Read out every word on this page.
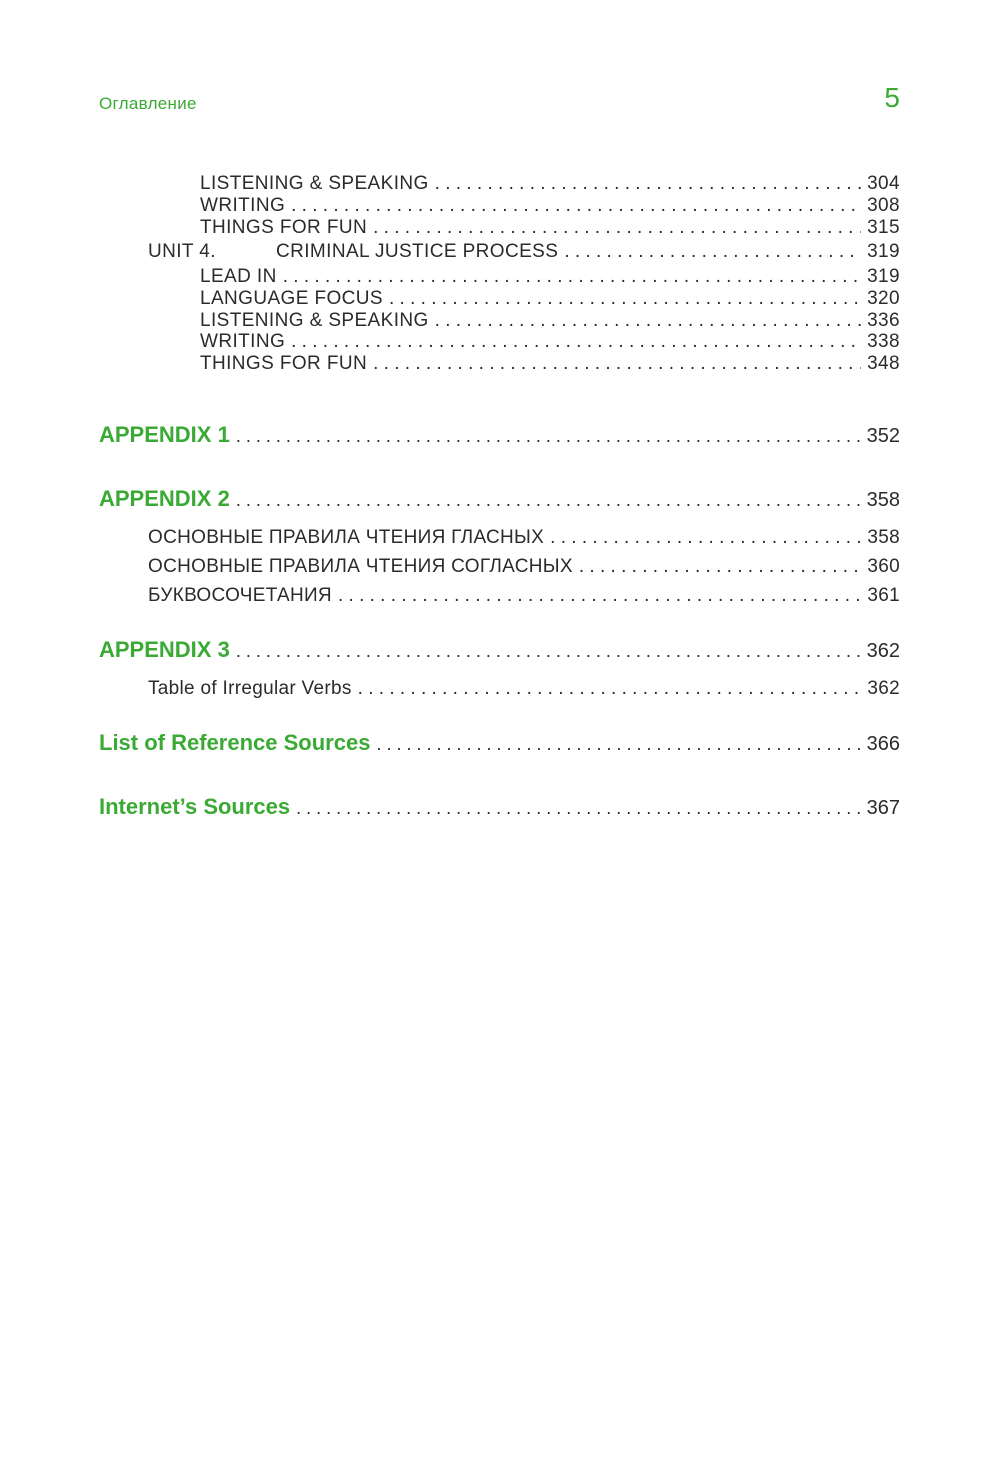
Оглавление	5
LISTENING & SPEAKING . . .	304
WRITING . . .	308
THINGS FOR FUN . . .	315
UNIT 4.	CRIMINAL JUSTICE PROCESS . . .	319
LEAD IN . . .	319
LANGUAGE FOCUS . . .	320
LISTENING & SPEAKING . . .	336
WRITING . . .	338
THINGS FOR FUN . . .	348
APPENDIX 1 . . .	352
APPENDIX 2 . . .	358
ОСНОВНЫЕ ПРАВИЛА ЧТЕНИЯ ГЛАСНЫХ . . .	358
ОСНОВНЫЕ ПРАВИЛА ЧТЕНИЯ СОГЛАСНЫХ . . .	360
БУКВОСОЧЕТАНИЯ . . .	361
APPENDIX 3 . . .	362
Table of Irregular Verbs . . .	362
List of Reference Sources . . .	366
Internet’s Sources . . .	367
